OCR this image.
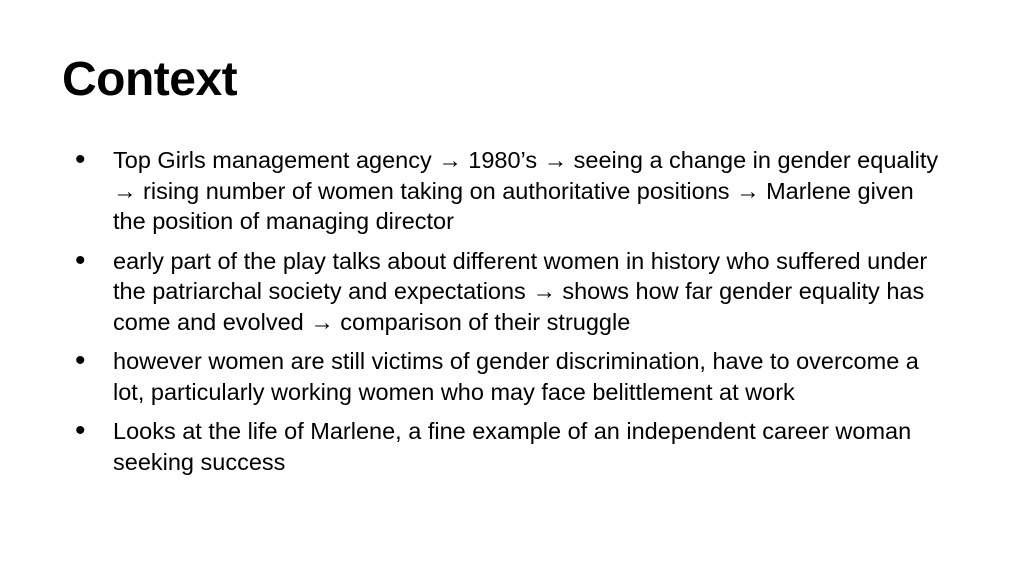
Context
• Top Girls management agency → 1980’s → seeing a change in gender equality → rising number of women taking on authoritative positions → Marlene given the position of managing director
• early part of the play talks about different women in history who suffered under the patriarchal society and expectations → shows how far gender equality has come and evolved → comparison of their struggle
• however women are still victims of gender discrimination, have to overcome a lot, particularly working women who may face belittlement at work
• Looks at the life of Marlene, a fine example of an independent career woman seeking success
